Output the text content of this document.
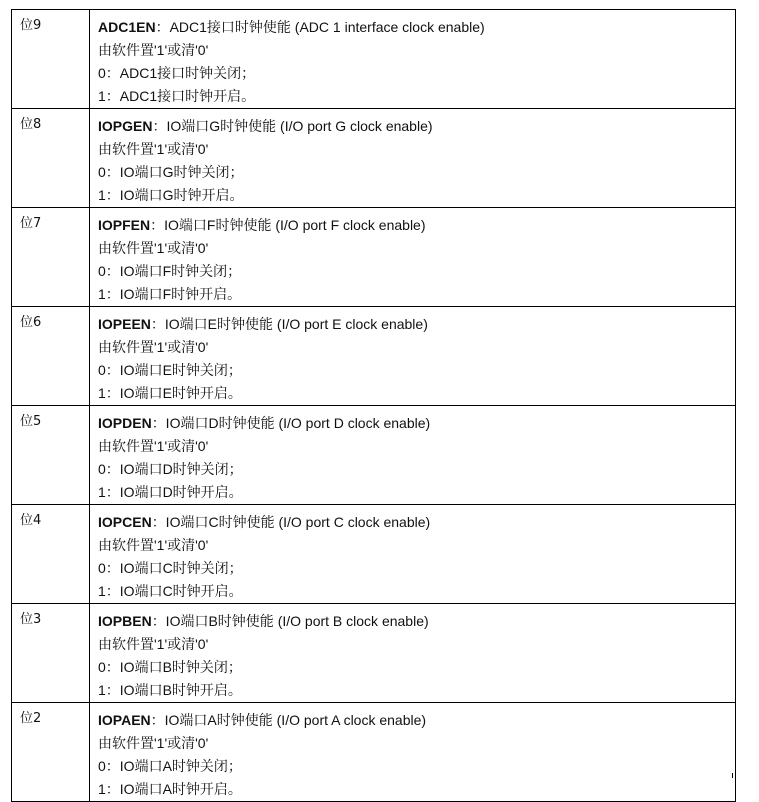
位9	ADC1EN：ADC1接口时钟使能 (ADC 1 interface clock enable)
由软件置'1'或清'0'
0：ADC1接口时钟关闭；
1：ADC1接口时钟开启。

位8	IOPGEN：IO端口G时钟使能 (I/O port G clock enable)
由软件置'1'或清'0'
0：IO端口G时钟关闭；
1：IO端口G时钟开启。

位7	IOPFEN：IO端口F时钟使能 (I/O port F clock enable)
由软件置'1'或清'0'
0：IO端口F时钟关闭；
1：IO端口F时钟开启。

位6	IOPEEN：IO端口E时钟使能 (I/O port E clock enable)
由软件置'1'或清'0'
0：IO端口E时钟关闭；
1：IO端口E时钟开启。

位5	IOPDEN：IO端口D时钟使能 (I/O port D clock enable)
由软件置'1'或清'0'
0：IO端口D时钟关闭；
1：IO端口D时钟开启。

位4	IOPCEN：IO端口C时钟使能 (I/O port C clock enable)
由软件置'1'或清'0'
0：IO端口C时钟关闭；
1：IO端口C时钟开启。

位3	IOPBEN：IO端口B时钟使能 (I/O port B clock enable)
由软件置'1'或清'0'
0：IO端口B时钟关闭；
1：IO端口B时钟开启。

位2	IOPAEN：IO端口A时钟使能 (I/O port A clock enable)
由软件置'1'或清'0'
0：IO端口A时钟关闭；
1：IO端口A时钟开启。
